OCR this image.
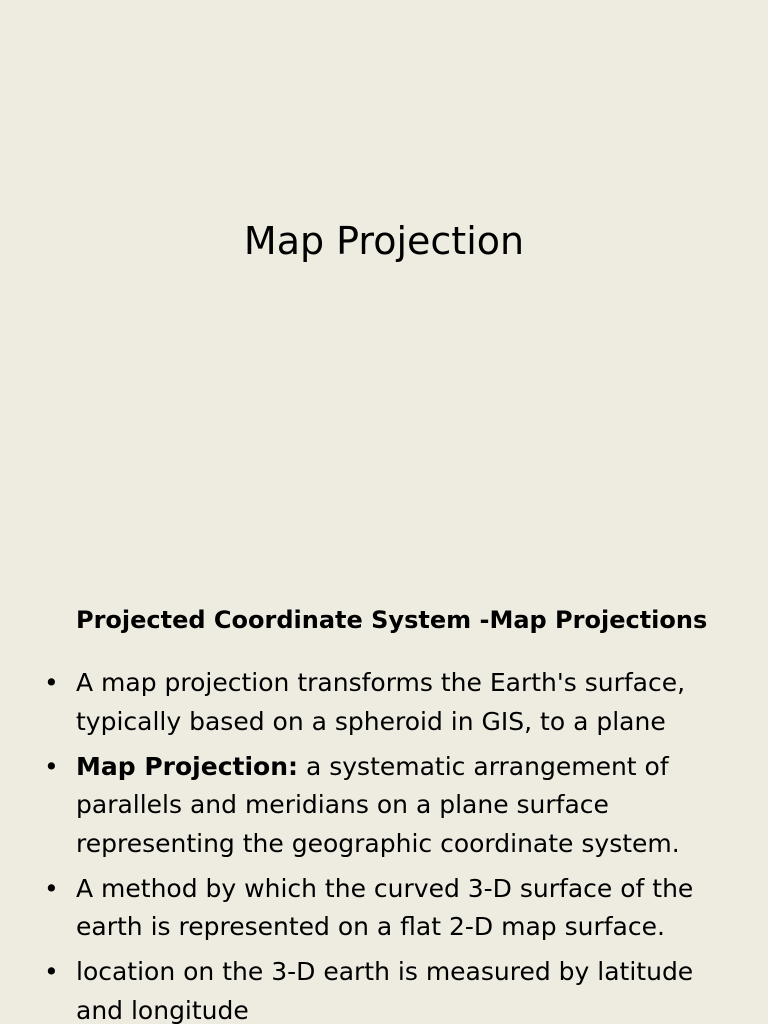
Map Projection
Projected Coordinate System -Map Projections
• A map projection transforms the Earth's surface,
typically based on a spheroid in GIS, to a plane
• Map Projection: a systematic arrangement of
parallels and meridians on a plane surface
representing the geographic coordinate system.
• A method by which the curved 3-D surface of the
earth is represented on a flat 2-D map surface.
• location on the 3-D earth is measured by latitude
and longitude
